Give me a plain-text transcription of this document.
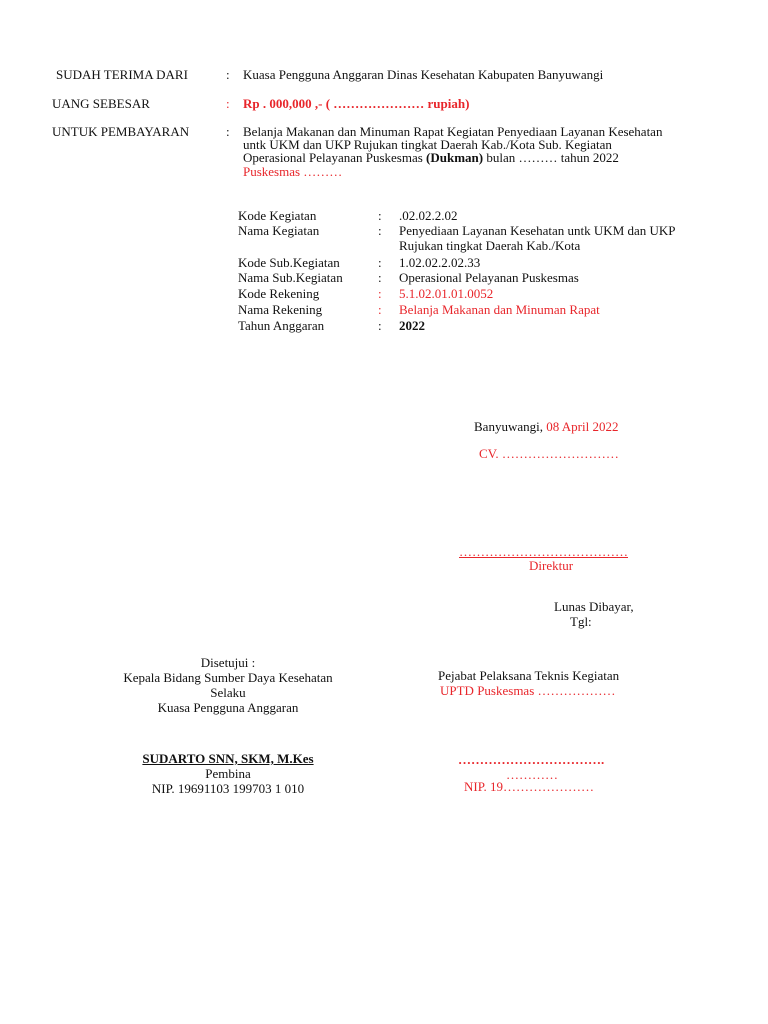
SUDAH TERIMA DARI	: Kuasa Pengguna Anggaran Dinas Kesehatan Kabupaten Banyuwangi
UANG SEBESAR	: Rp . 000,000 ,- ( ………………… rupiah)
UNTUK PEMBAYARAN	: Belanja Makanan dan Minuman Rapat Kegiatan Penyediaan Layanan Kesehatan
untk UKM dan UKP Rujukan tingkat Daerah Kab./Kota Sub. Kegiatan
Operasional Pelayanan Puskesmas (Dukman) bulan ……… tahun 2022
Puskesmas ………
Kode Kegiatan	: .02.02.2.02
Nama Kegiatan	: Penyediaan Layanan Kesehatan untk UKM dan UKP
Rujukan tingkat Daerah Kab./Kota
Kode Sub.Kegiatan	: 1.02.02.2.02.33
Nama Sub.Kegiatan	: Operasional Pelayanan Puskesmas
Kode Rekening	: 5.1.02.01.01.0052
Nama Rekening	: Belanja Makanan dan Minuman Rapat
Tahun Anggaran	: 2022
Banyuwangi, 08 April 2022
CV. ………………………
…………………………………
Direktur
Lunas Dibayar,
Tgl:
Disetujui :
Kepala Bidang Sumber Daya Kesehatan
Selaku
Kuasa Pengguna Anggaran
SUDARTO SNN, SKM, M.Kes
Pembina
NIP. 19691103 199703 1 010
Pejabat Pelaksana Teknis Kegiatan
UPTD Puskesmas ………………
…………………………….
…………
NIP. 19…………………
